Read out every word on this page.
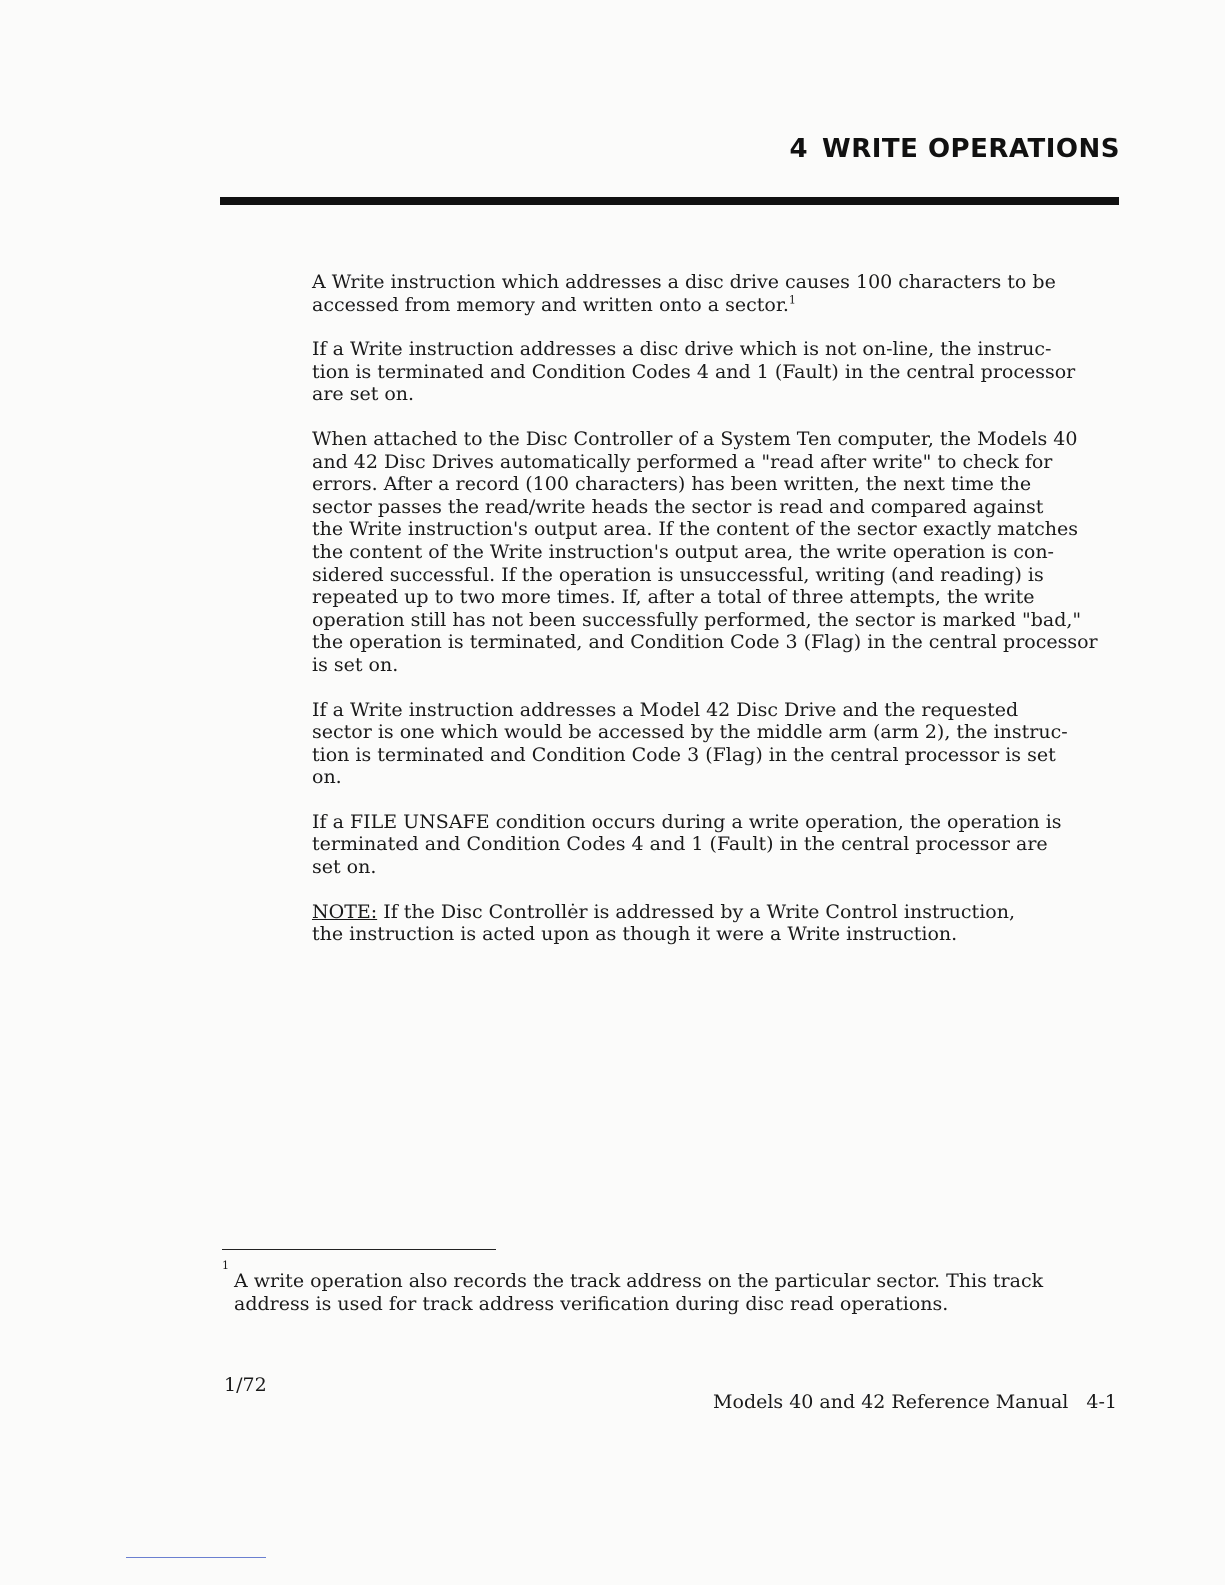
4 WRITE OPERATIONS

A Write instruction which addresses a disc drive causes 100 characters to be
accessed from memory and written onto a sector.$^1$

If a Write instruction addresses a disc drive which is not on-line, the instruc-
tion is terminated and Condition Codes 4 and 1 (Fault) in the central processor
are set on.

When attached to the Disc Controller of a System Ten computer, the Models 40
and 42 Disc Drives automatically performed a "read after write" to check for
errors. After a record (100 characters) has been written, the next time the
sector passes the read/write heads the sector is read and compared against
the Write instruction's output area. If the content of the sector exactly matches
the content of the Write instruction's output area, the write operation is con-
sidered successful. If the operation is unsuccessful, writing (and reading) is
repeated up to two more times. If, after a total of three attempts, the write
operation still has not been successfully performed, the sector is marked "bad,"
the operation is terminated, and Condition Code 3 (Flag) in the central processor
is set on.

If a Write instruction addresses a Model 42 Disc Drive and the requested
sector is one which would be accessed by the middle arm (arm 2), the instruc-
tion is terminated and Condition Code 3 (Flag) in the central processor is set
on.

If a FILE UNSAFE condition occurs during a write operation, the operation is
terminated and Condition Codes 4 and 1 (Fault) in the central processor are
set on.

NOTE: If the Disc Controllėr is addressed by a Write Control instruction,
the instruction is acted upon as though it were a Write instruction.

1
A write operation also records the track address on the particular sector. This track
address is used for track address verification during disc read operations.
1/72
Models 40 and 42 Reference Manual 4-1
